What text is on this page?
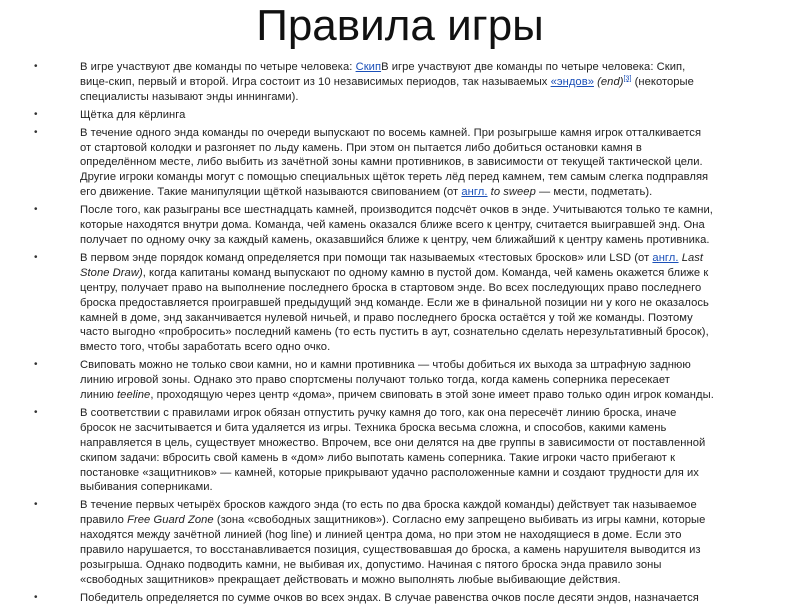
Правила игры
•	В игре участвуют две команды по четыре человека: СкипВ игре участвуют две команды по четыре человека: Скип,
вице-скип, первый и второй. Игра состоит из 10 независимых периодов, так называемых «эндов» (end)[3] (некоторые
специалисты называют энды иннингами).
•	Щётка для кёрлинга
•	В течение одного энда команды по очереди выпускают по восемь камней. При розыгрыше камня игрок отталкивается
от стартовой колодки и разгоняет по льду камень. При этом он пытается либо добиться остановки камня в
определённом месте, либо выбить из зачётной зоны камни противников, в зависимости от текущей тактической цели.
Другие игроки команды могут с помощью специальных щёток тереть лёд перед камнем, тем самым слегка подправляя
его движение. Такие манипуляции щёткой называются свипованием (от англ. to sweep — мести, подметать).
•	После того, как разыграны все шестнадцать камней, производится подсчёт очков в энде. Учитываются только те камни,
которые находятся внутри дома. Команда, чей камень оказался ближе всего к центру, считается выигравшей энд. Она
получает по одному очку за каждый камень, оказавшийся ближе к центру, чем ближайший к центру камень противника.
•	В первом энде порядок команд определяется при помощи так называемых «тестовых бросков» или LSD (от англ. Last
Stone Draw), когда капитаны команд выпускают по одному камню в пустой дом. Команда, чей камень окажется ближе к
центру, получает право на выполнение последнего броска в стартовом энде. Во всех последующих право последнего
броска предоставляется проигравшей предыдущий энд команде. Если же в финальной позиции ни у кого не оказалось
камней в доме, энд заканчивается нулевой ничьей, и право последнего броска остаётся у той же команды. Поэтому
часто выгодно «пробросить» последний камень (то есть пустить в аут, сознательно сделать нерезультативный бросок),
вместо того, чтобы заработать всего одно очко.
•	Свиповать можно не только свои камни, но и камни противника — чтобы добиться их выхода за штрафную заднюю
линию игровой зоны. Однако это право спортсмены получают только тогда, когда камень соперника пересекает
линию teeline, проходящую через центр «дома», причем свиповать в этой зоне имеет право только один игрок команды.
•	В соответствии с правилами игрок обязан отпустить ручку камня до того, как она пересечёт линию броска, иначе
бросок не засчитывается и бита удаляется из игры. Техника броска весьма сложна, и способов, какими камень
направляется в цель, существует множество. Впрочем, все они делятся на две группы в зависимости от поставленной
скипом задачи: вбросить свой камень в «дом» либо выпотать камень соперника. Такие игроки часто прибегают к
постановке «защитников» — камней, которые прикрывают удачно расположенные камни и создают трудности для их
выбивания соперниками.
•	В течение первых четырёх бросков каждого энда (то есть по два броска каждой команды) действует так называемое
правило Free Guard Zone (зона «свободных защитников»). Согласно ему запрещено выбивать из игры камни, которые
находятся между зачётной линией (hog line) и линией центра дома, но при этом не находящиеся в доме. Если это
правило нарушается, то восстанавливается позиция, существовавшая до броска, а камень нарушителя выводится из
розыгрыша. Однако подводить камни, не выбивая их, допустимо. Начиная с пятого броска энда правило зоны
«свободных защитников» прекращает действовать и можно выполнять любые выбивающие действия.
•	Победитель определяется по сумме очков во всех эндах. В случае равенства очков после десяти эндов, назначается
